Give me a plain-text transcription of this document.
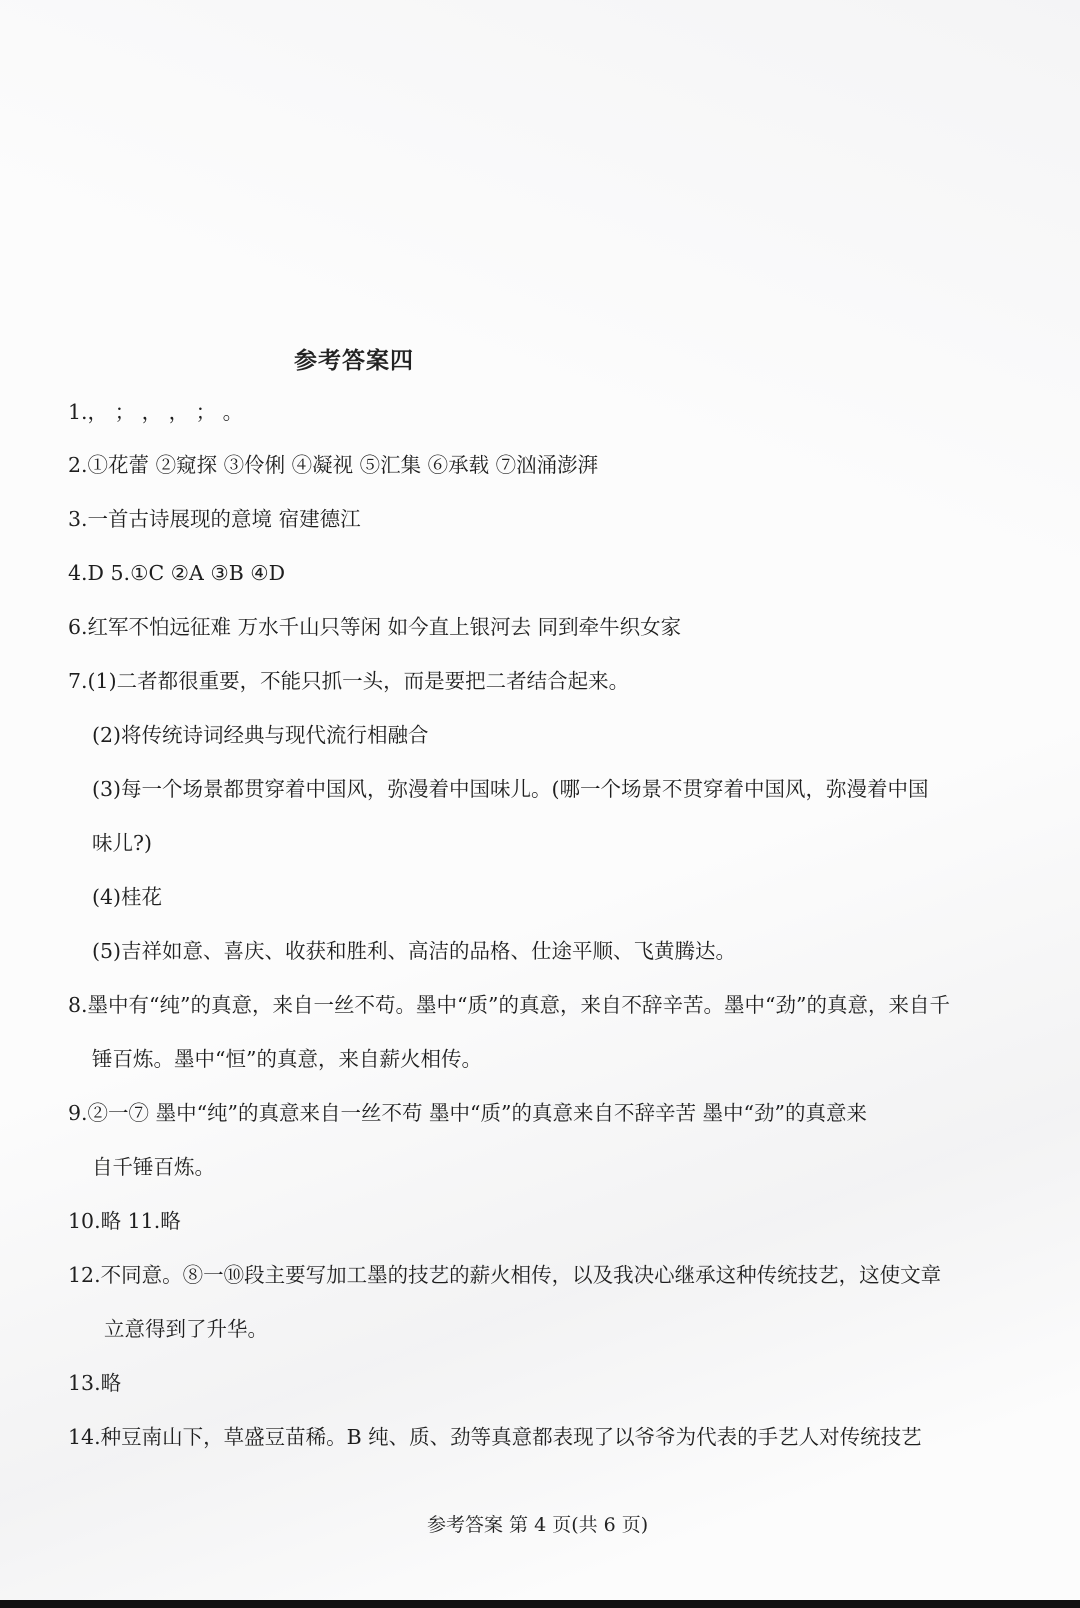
参考答案四
1.， ； ， ， ； 。
2.①花蕾 ②窥探 ③伶俐 ④凝视 ⑤汇集 ⑥承载 ⑦汹涌澎湃
3.一首古诗展现的意境 宿建德江
4.D 5.①C ②A ③B ④D
6.红军不怕远征难 万水千山只等闲 如今直上银河去 同到牵牛织女家
7.(1)二者都很重要，不能只抓一头，而是要把二者结合起来。
(2)将传统诗词经典与现代流行相融合
(3)每一个场景都贯穿着中国风，弥漫着中国味儿。(哪一个场景不贯穿着中国风，弥漫着中国
味儿?)
(4)桂花
(5)吉祥如意、喜庆、收获和胜利、高洁的品格、仕途平顺、飞黄腾达。
8.墨中有“纯”的真意，来自一丝不苟。墨中“质”的真意，来自不辞辛苦。墨中“劲”的真意，来自千
锤百炼。墨中“恒”的真意，来自薪火相传。
9.②一⑦ 墨中“纯”的真意来自一丝不苟 墨中“质”的真意来自不辞辛苦 墨中“劲”的真意来
自千锤百炼。
10.略 11.略
12.不同意。⑧一⑩段主要写加工墨的技艺的薪火相传，以及我决心继承这种传统技艺，这使文章
立意得到了升华。
13.略
14.种豆南山下，草盛豆苗稀。B 纯、质、劲等真意都表现了以爷爷为代表的手艺人对传统技艺
参考答案 第 4 页(共 6 页)
